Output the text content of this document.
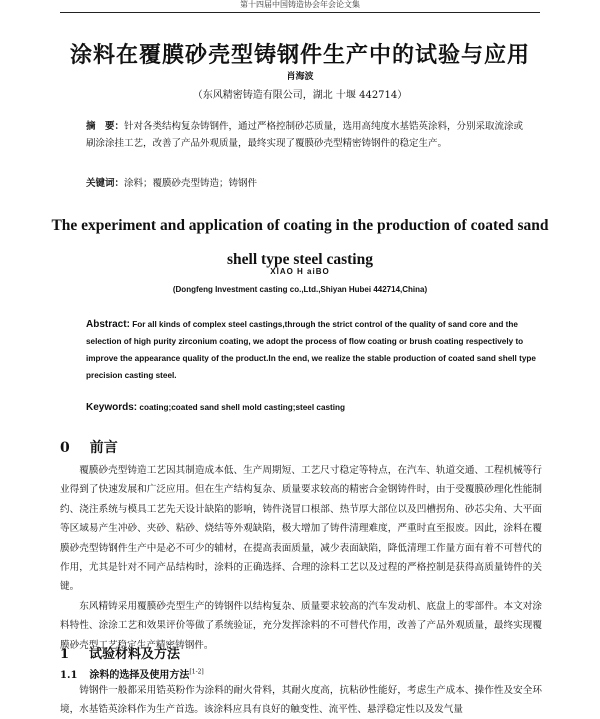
第十四届中国铸造协会年会论文集
涂料在覆膜砂壳型铸钢件生产中的试验与应用
肖海波
（东风精密铸造有限公司，湖北 十堰 442714）
摘　要：针对各类结构复杂铸钢件，通过严格控制砂芯质量，选用高纯度水基锆英涂料，分别采取流涂或刷涂涂挂工艺，改善了产品外观质量，最终实现了覆膜砂壳型精密铸钢件的稳定生产。
关键词：涂料；覆膜砂壳型铸造；铸钢件
The experiment and application of coating in the production of coated sand shell type steel casting
XIAO H aiBO
(Dongfeng Investment casting co.,Ltd.,Shiyan Hubei 442714,China)
Abstract: For all kinds of complex steel castings,through the strict control of the quality of sand core and the selection of high purity zirconium coating, we adopt the process of flow coating or brush coating respectively to improve the appearance quality of the product.In the end, we realize the stable production of coated sand shell type precision casting steel.
Keywords: coating;coated sand shell mold casting;steel casting
0 前言

覆膜砂壳型铸造工艺因其制造成本低、生产周期短、工艺尺寸稳定等特点，在汽车、轨道交通、工程机械等行业得到了快速发展和广泛应用。但在生产结构复杂、质量要求较高的精密合金钢铸件时，由于受覆膜砂理化性能制约、浇注系统与模具工艺先天设计缺陷的影响，铸件浇冒口根部、热节厚大部位以及凹槽拐角、砂芯尖角、大平面等区域易产生冲砂、夹砂、粘砂、烧结等外观缺陷，极大增加了铸件清理难度，严重时直至报废。因此，涂料在覆膜砂壳型铸钢件生产中是必不可少的辅材，在提高表面质量，减少表面缺陷，降低清理工作量方面有着不可替代的作用，尤其是针对不同产品结构时，涂料的正确选择、合理的涂料工艺以及过程的严格控制是获得高质量铸件的关键。

东风精铸采用覆膜砂壳型生产的铸钢件以结构复杂、质量要求较高的汽车发动机、底盘上的零部件。本文对涂料特性、涂涂工艺和效果评价等做了系统验证，充分发挥涂料的不可替代作用，改善了产品外观质量，最终实现覆膜砂壳型工艺稳定生产精密铸钢件。

1 试验材料及方法
1.1 涂料的选择及使用方法[1-2]

铸钢件一般都采用锆英粉作为涂料的耐火骨料，其耐火度高，抗粘砂性能好，考虑生产成本、操作性及安全环境，水基锆英涂料作为生产首选。该涂料应具有良好的触变性、流平性、悬浮稳定性以及发气量
